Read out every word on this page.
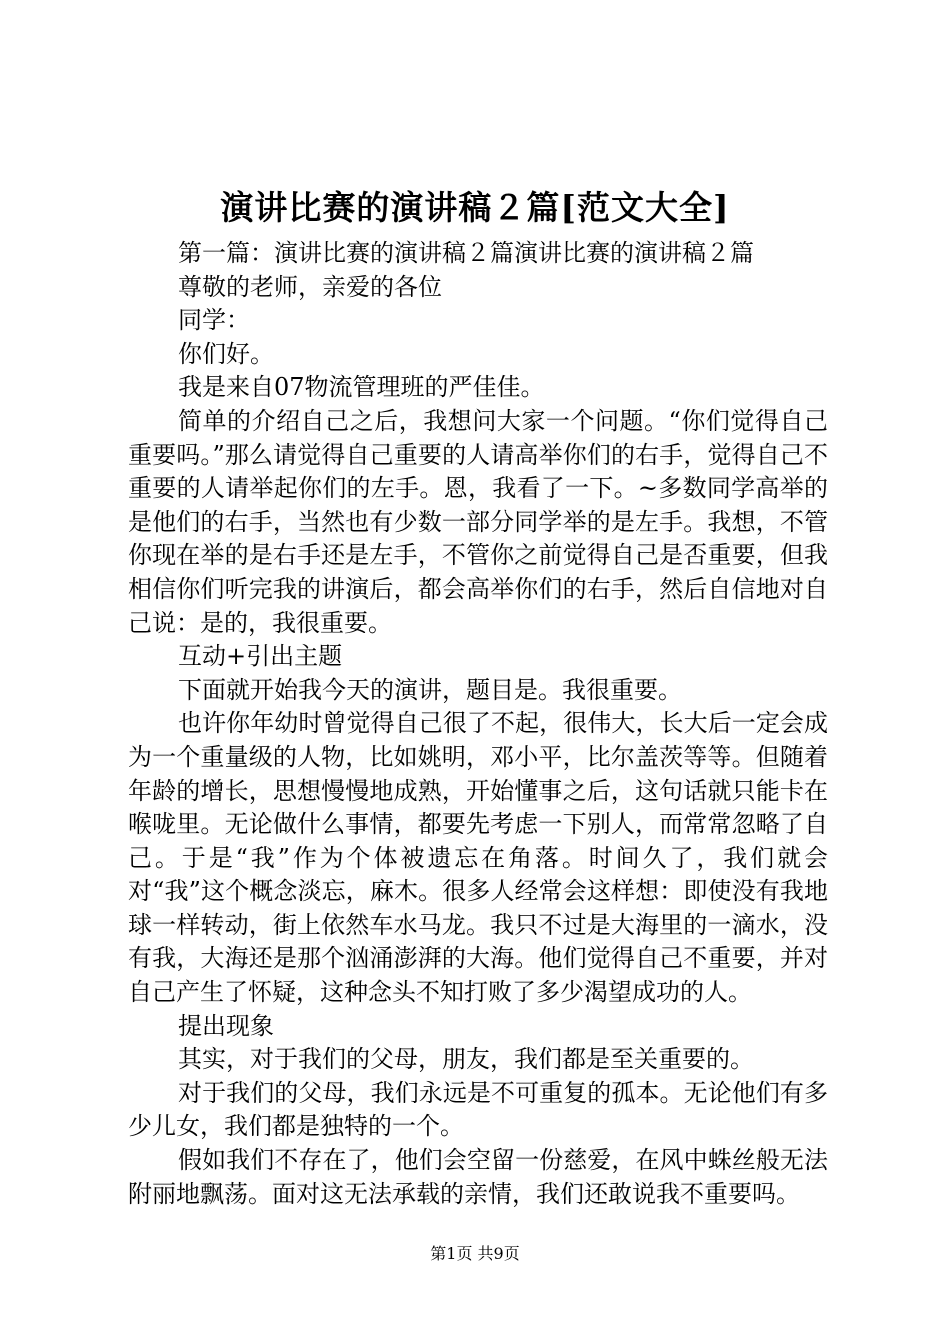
演讲比赛的演讲稿２篇[范文大全]

第一篇：演讲比赛的演讲稿２篇演讲比赛的演讲稿２篇

尊敬的老师，亲爱的各位

同学：

你们好。

我是来自07物流管理班的严佳佳。

简单的介绍自己之后，我想问大家一个问题。“你们觉得自己重要吗。”那么请觉得自己重要的人请高举你们的右手，觉得自己不重要的人请举起你们的左手。恩，我看了一下。~多数同学高举的是他们的右手，当然也有少数一部分同学举的是左手。我想，不管你现在举的是右手还是左手，不管你之前觉得自己是否重要，但我相信你们听完我的讲演后，都会高举你们的右手，然后自信地对自己说：是的，我很重要。

互动+引出主题

下面就开始我今天的演讲，题目是。我很重要。

也许你年幼时曾觉得自己很了不起，很伟大，长大后一定会成为一个重量级的人物，比如姚明，邓小平，比尔盖茨等等。但随着年龄的增长，思想慢慢地成熟，开始懂事之后，这句话就只能卡在喉咙里。无论做什么事情，都要先考虑一下别人，而常常忽略了自己。于是“我”作为个体被遗忘在角落。时间久了，我们就会对“我”这个概念淡忘，麻木。很多人经常会这样想：即使没有我地球一样转动，街上依然车水马龙。我只不过是大海里的一滴水，没有我，大海还是那个汹涌澎湃的大海。他们觉得自己不重要，并对自己产生了怀疑，这种念头不知打败了多少渴望成功的人。

提出现象

其实，对于我们的父母，朋友，我们都是至关重要的。

对于我们的父母，我们永远是不可重复的孤本。无论他们有多少儿女，我们都是独特的一个。

假如我们不存在了，他们会空留一份慈爱，在风中蛛丝般无法附丽地飘荡。面对这无法承载的亲情，我们还敢说我不重要吗。

第1页 共9页
